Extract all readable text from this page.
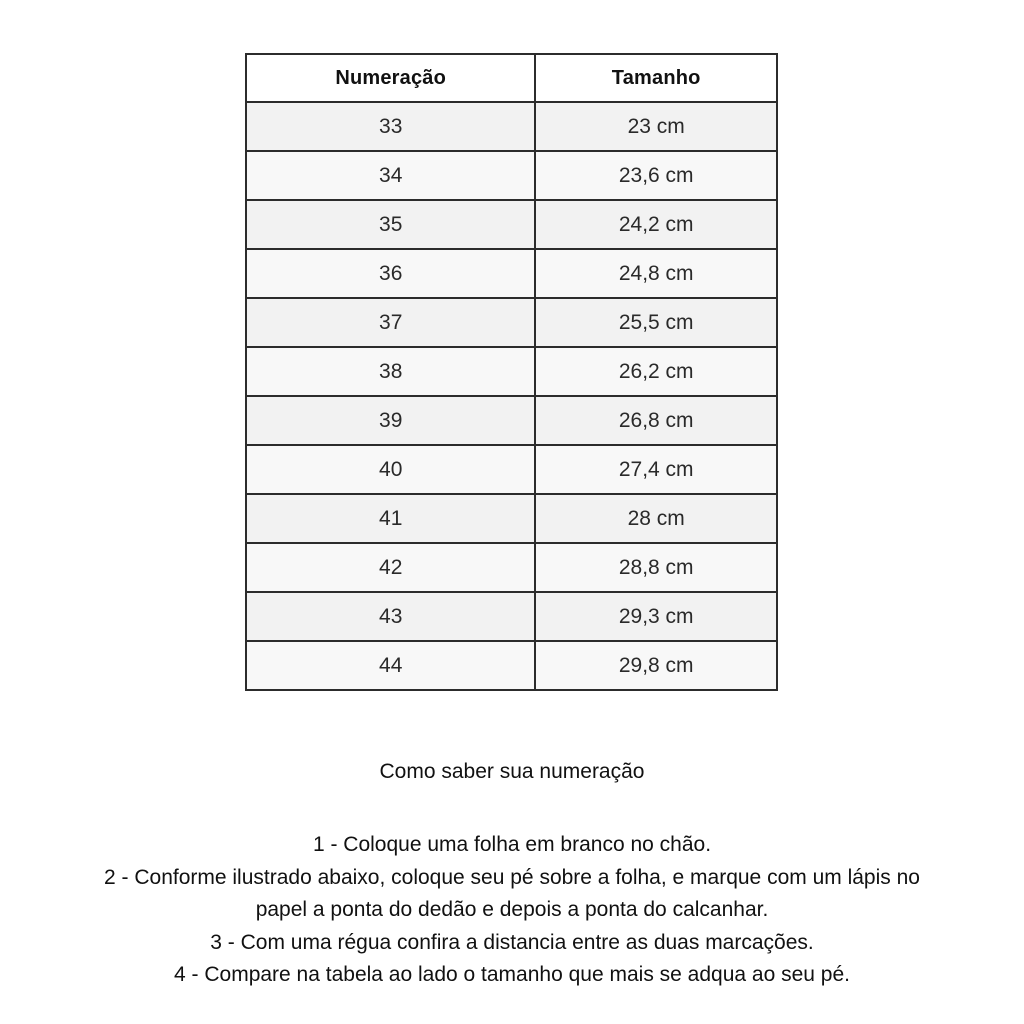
Numeração	Tamanho
33	23 cm
34	23,6 cm
35	24,2 cm
36	24,8 cm
37	25,5 cm
38	26,2 cm
39	26,8 cm
40	27,4 cm
41	28 cm
42	28,8 cm
43	29,3 cm
44	29,8 cm
Como saber sua numeração
1 - Coloque uma folha em branco no chão.
2 - Conforme ilustrado abaixo, coloque seu pé sobre a folha, e marque com um lápis no papel a ponta do dedão e depois a ponta do calcanhar.
3 - Com uma régua confira a distancia entre as duas marcações.
4 - Compare na tabela ao lado o tamanho que mais se adqua ao seu pé.
